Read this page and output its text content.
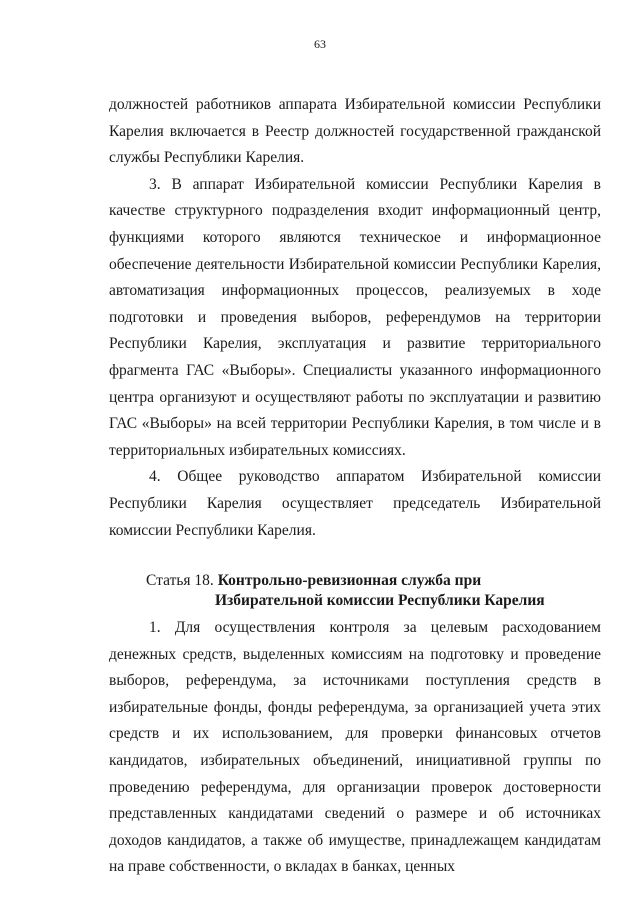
63

должностей работников аппарата Избирательной комиссии Республики Карелия включается в Реестр должностей государственной гражданской службы Республики Карелия.

3. В аппарат Избирательной комиссии Республики Карелия в качестве структурного подразделения входит информационный центр, функциями которого являются техническое и информационное обеспечение деятельности Избирательной комиссии Республики Карелия, автоматизация информационных процессов, реализуемых в ходе подготовки и проведения выборов, референдумов на территории Республики Карелия, эксплуатация и развитие территориального фрагмента ГАС «Выборы». Специалисты указанного информационного центра организуют и осуществляют работы по эксплуатации и развитию ГАС «Выборы» на всей территории Республики Карелия, в том числе и в территориальных избирательных комиссиях.

4. Общее руководство аппаратом Избирательной комиссии Республики Карелия осуществляет председатель Избирательной комиссии Республики Карелия.

Статья 18. Контрольно-ревизионная служба при
Избирательной комиссии Республики Карелия

1. Для осуществления контроля за целевым расходованием денежных средств, выделенных комиссиям на подготовку и проведение выборов, референдума, за источниками поступления средств в избирательные фонды, фонды референдума, за организацией учета этих средств и их использованием, для проверки финансовых отчетов кандидатов, избирательных объединений, инициативной группы по проведению референдума, для организации проверок достоверности представленных кандидатами сведений о размере и об источниках доходов кандидатов, а также об имуществе, принадлежащем кандидатам на праве собственности, о вкладах в банках, ценных
